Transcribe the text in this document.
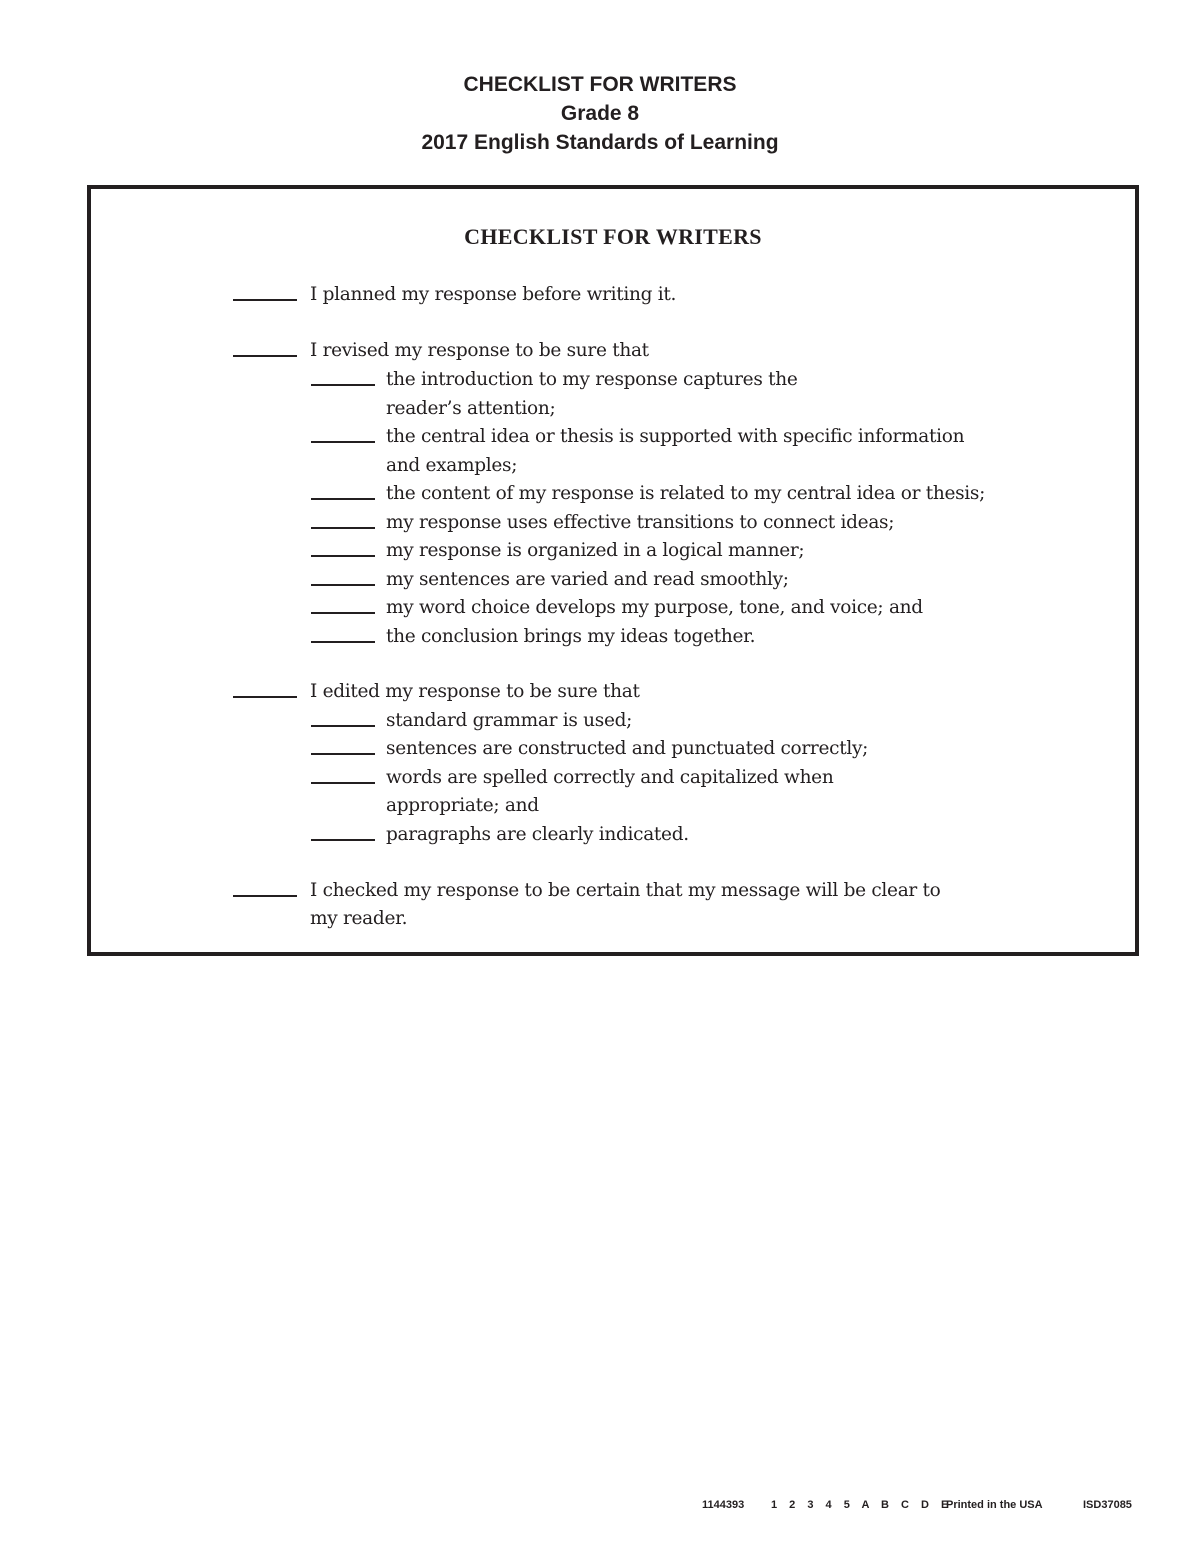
CHECKLIST FOR WRITERS
Grade 8
2017 English Standards of Learning
CHECKLIST FOR WRITERS
I planned my response before writing it.
I revised my response to be sure that
the introduction to my response captures the
reader’s attention;
the central idea or thesis is supported with specific information
and examples;
the content of my response is related to my central idea or thesis;
my response uses effective transitions to connect ideas;
my response is organized in a logical manner;
my sentences are varied and read smoothly;
my word choice develops my purpose, tone, and voice; and
the conclusion brings my ideas together.
I edited my response to be sure that
standard grammar is used;
sentences are constructed and punctuated correctly;
words are spelled correctly and capitalized when
appropriate; and
paragraphs are clearly indicated.
I checked my response to be certain that my message will be clear to
my reader.
1144393 1 2 3 4 5 A B C D E
Printed in the USA	ISD37085
